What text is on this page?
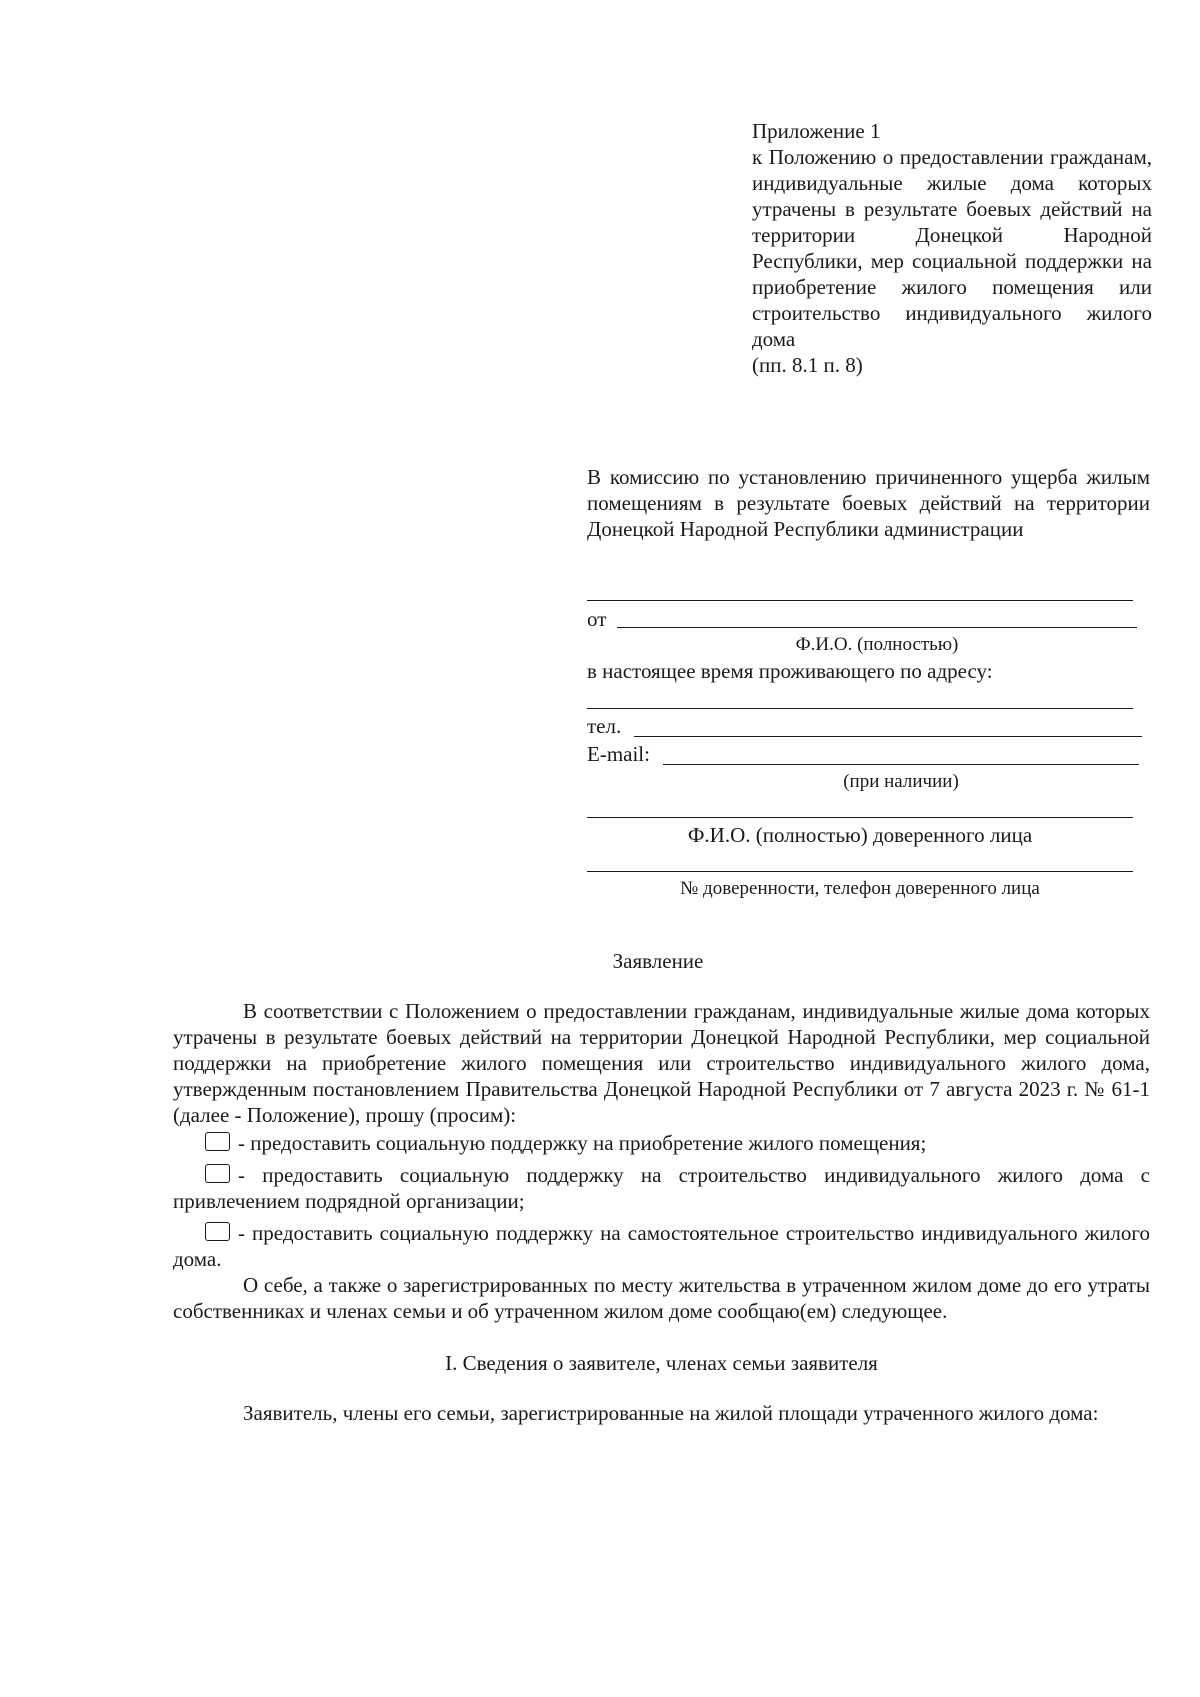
Приложение 1
к Положению о предоставлении гражданам, индивидуальные жилые дома которых утрачены в результате боевых действий на территории Донецкой Народной Республики, мер социальной поддержки на приобретение жилого помещения или строительство индивидуального жилого дома
(пп. 8.1 п. 8)
В комиссию по установлению причиненного ущерба жилым помещениям в результате боевых действий на территории Донецкой Народной Республики администрации
от
Ф.И.О. (полностью)
в настоящее время проживающего по адресу:
тел.
E-mail:
(при наличии)
Ф.И.О. (полностью) доверенного лица
№ доверенности, телефон доверенного лица
Заявление

В соответствии с Положением о предоставлении гражданам, индивидуальные жилые дома которых утрачены в результате боевых действий на территории Донецкой Народной Республики, мер социальной поддержки на приобретение жилого помещения или строительство индивидуального жилого дома, утвержденным постановлением Правительства Донецкой Народной Республики от 7 августа 2023 г. № 61-1 (далее - Положение), прошу (просим):

- предоставить социальную поддержку на приобретение жилого помещения;

- предоставить социальную поддержку на строительство индивидуального жилого дома с привлечением подрядной организации;

- предоставить социальную поддержку на самостоятельное строительство индивидуального жилого дома.

О себе, а также о зарегистрированных по месту жительства в утраченном жилом доме до его утраты собственниках и членах семьи и об утраченном жилом доме сообщаю(ем) следующее.

I. Сведения о заявителе, членах семьи заявителя

Заявитель, члены его семьи, зарегистрированные на жилой площади утраченного жилого дома:
